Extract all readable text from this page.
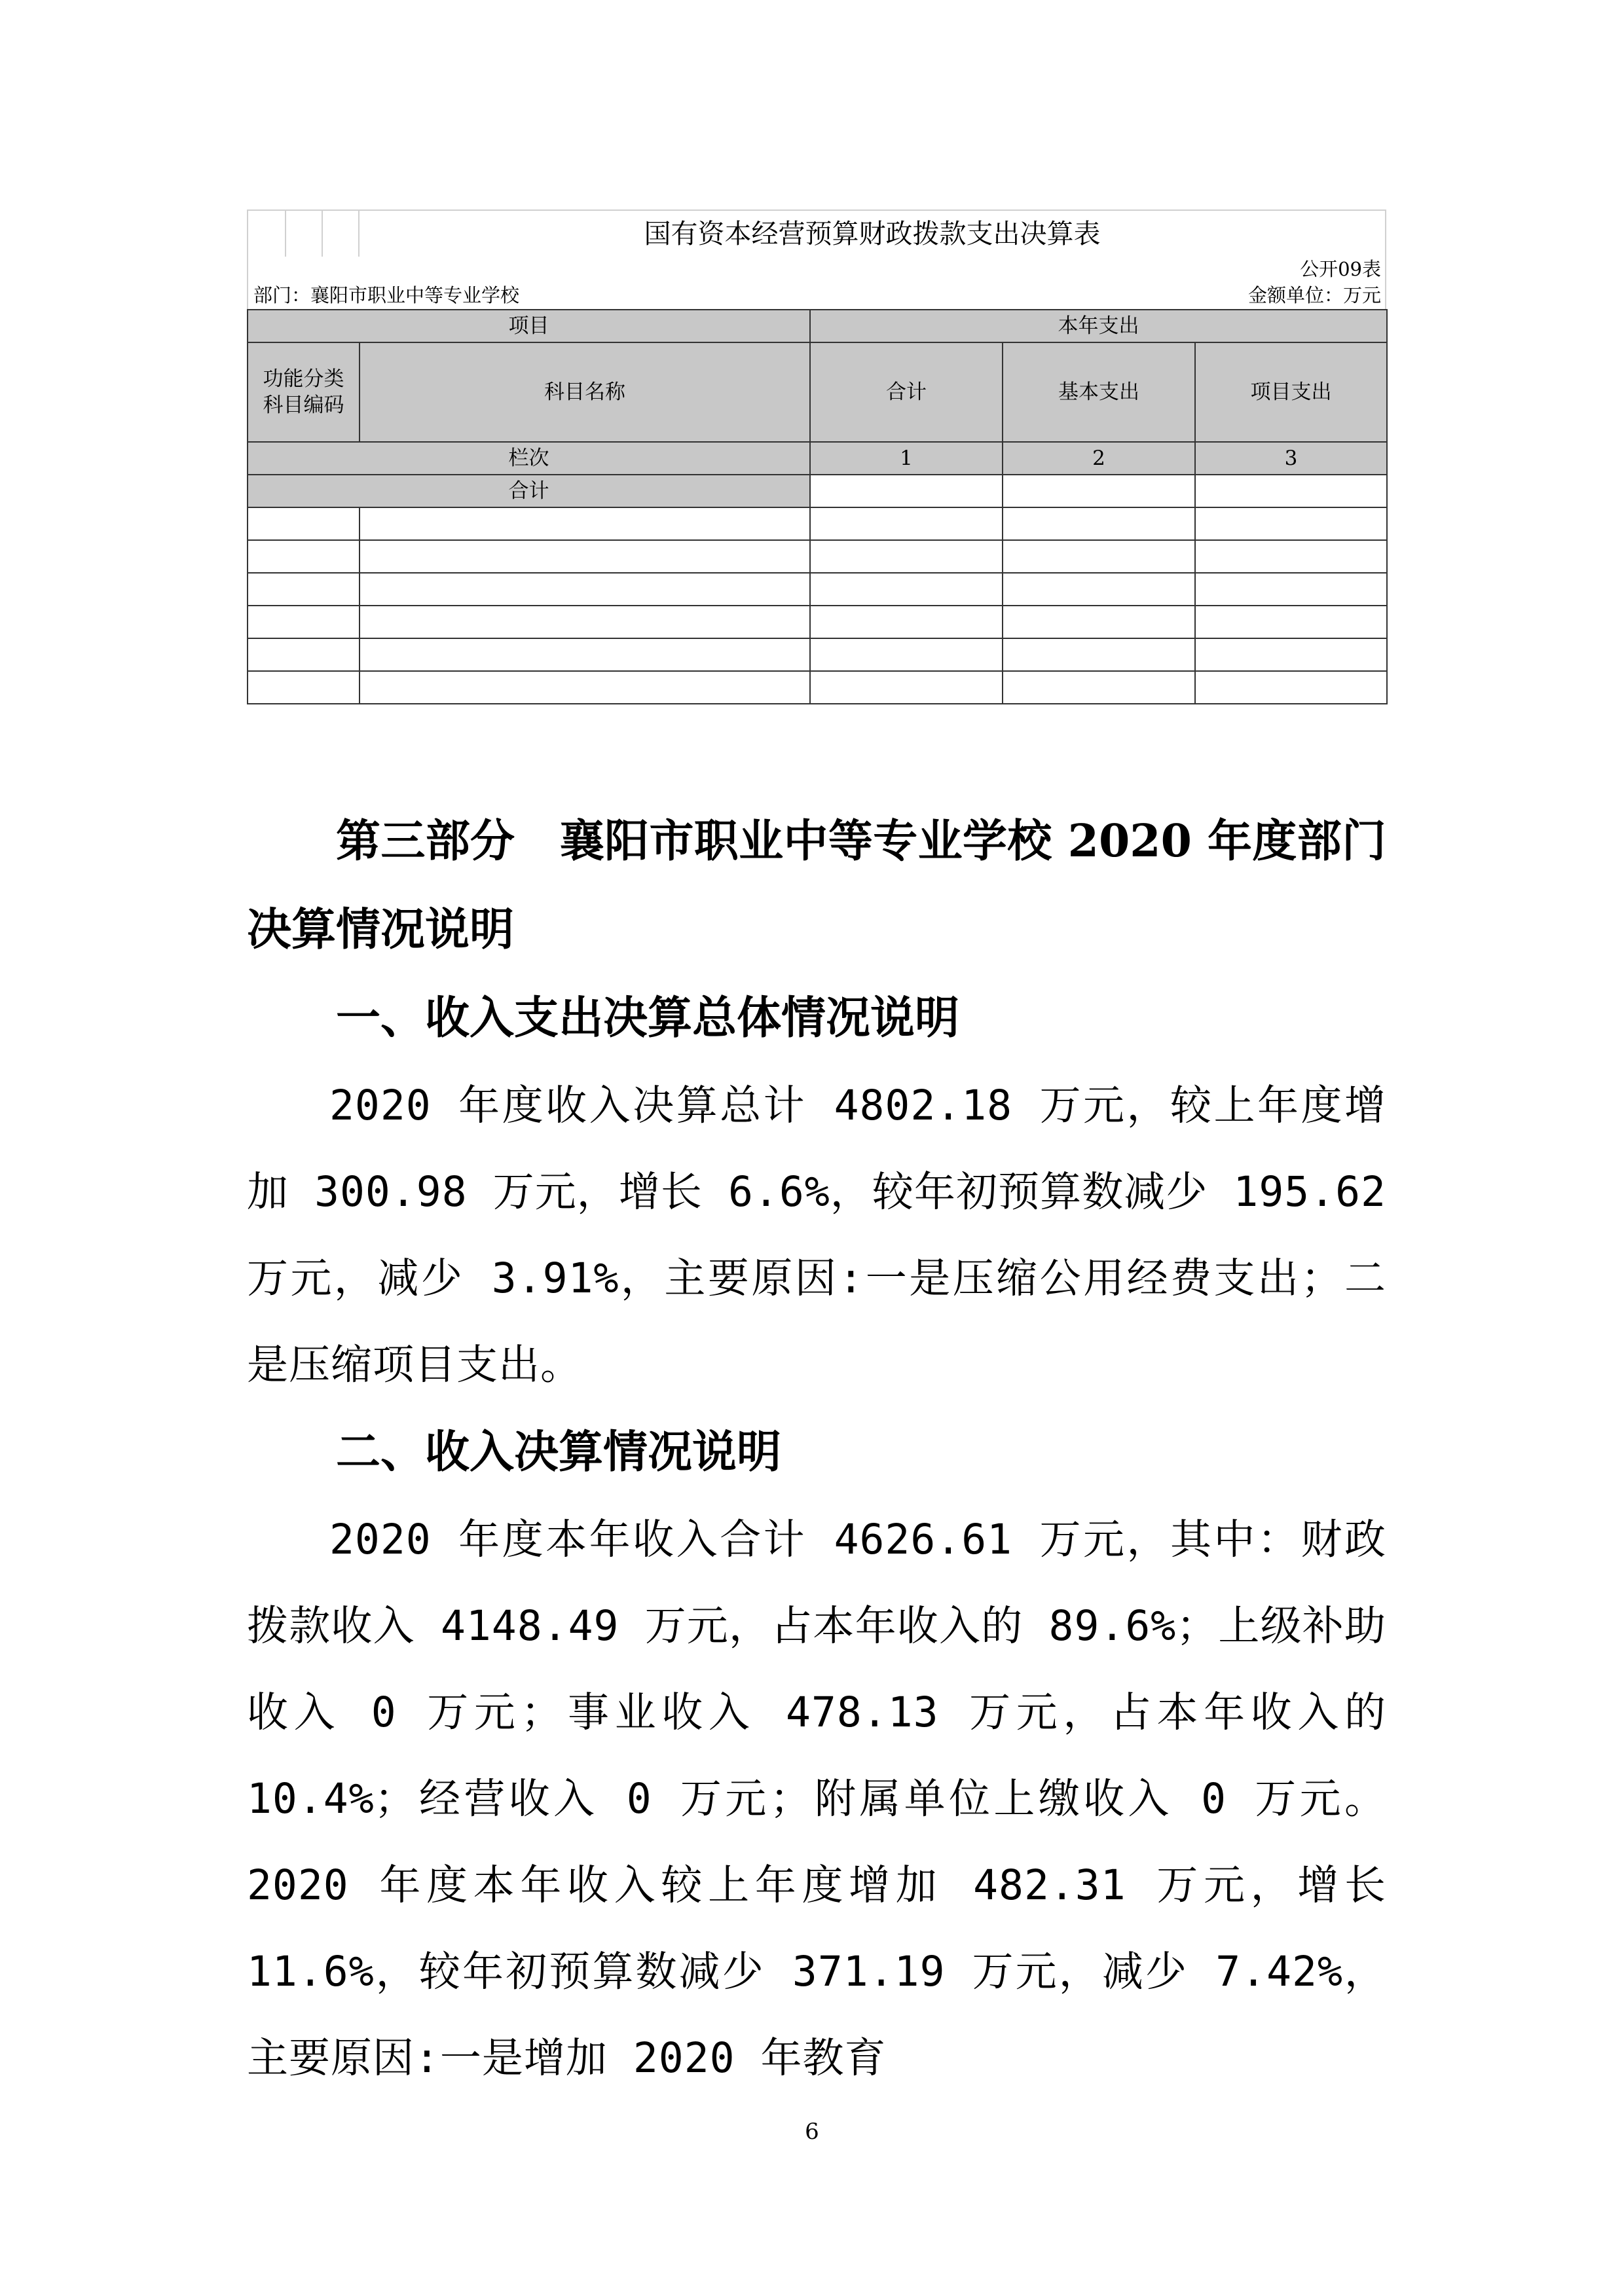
国有资本经营预算财政拨款支出决算表
公开09表
部门：襄阳市职业中等专业学校	金额单位：万元
项目		本年支出		
功能分类科目编码	科目名称	合计	基本支出	项目支出
栏次		1	2	3
合计				

第三部分　襄阳市职业中等专业学校 2020 年度部门决算情况说明

一、收入支出决算总体情况说明

2020 年度收入决算总计 4802.18 万元，较上年度增加 300.98 万元，增长 6.6%，较年初预算数减少 195.62 万元，减少 3.91%，主要原因:一是压缩公用经费支出；二是压缩项目支出。

二、收入决算情况说明

2020 年度本年收入合计 4626.61 万元，其中：财政拨款收入 4148.49 万元，占本年收入的 89.6%；上级补助收入 0 万元；事业收入 478.13 万元，占本年收入的 10.4%；经营收入 0 万元；附属单位上缴收入 0 万元。2020 年度本年收入较上年度增加 482.31 万元，增长 11.6%，较年初预算数减少 371.19 万元，减少 7.42%，主要原因:一是增加 2020 年教育

6
